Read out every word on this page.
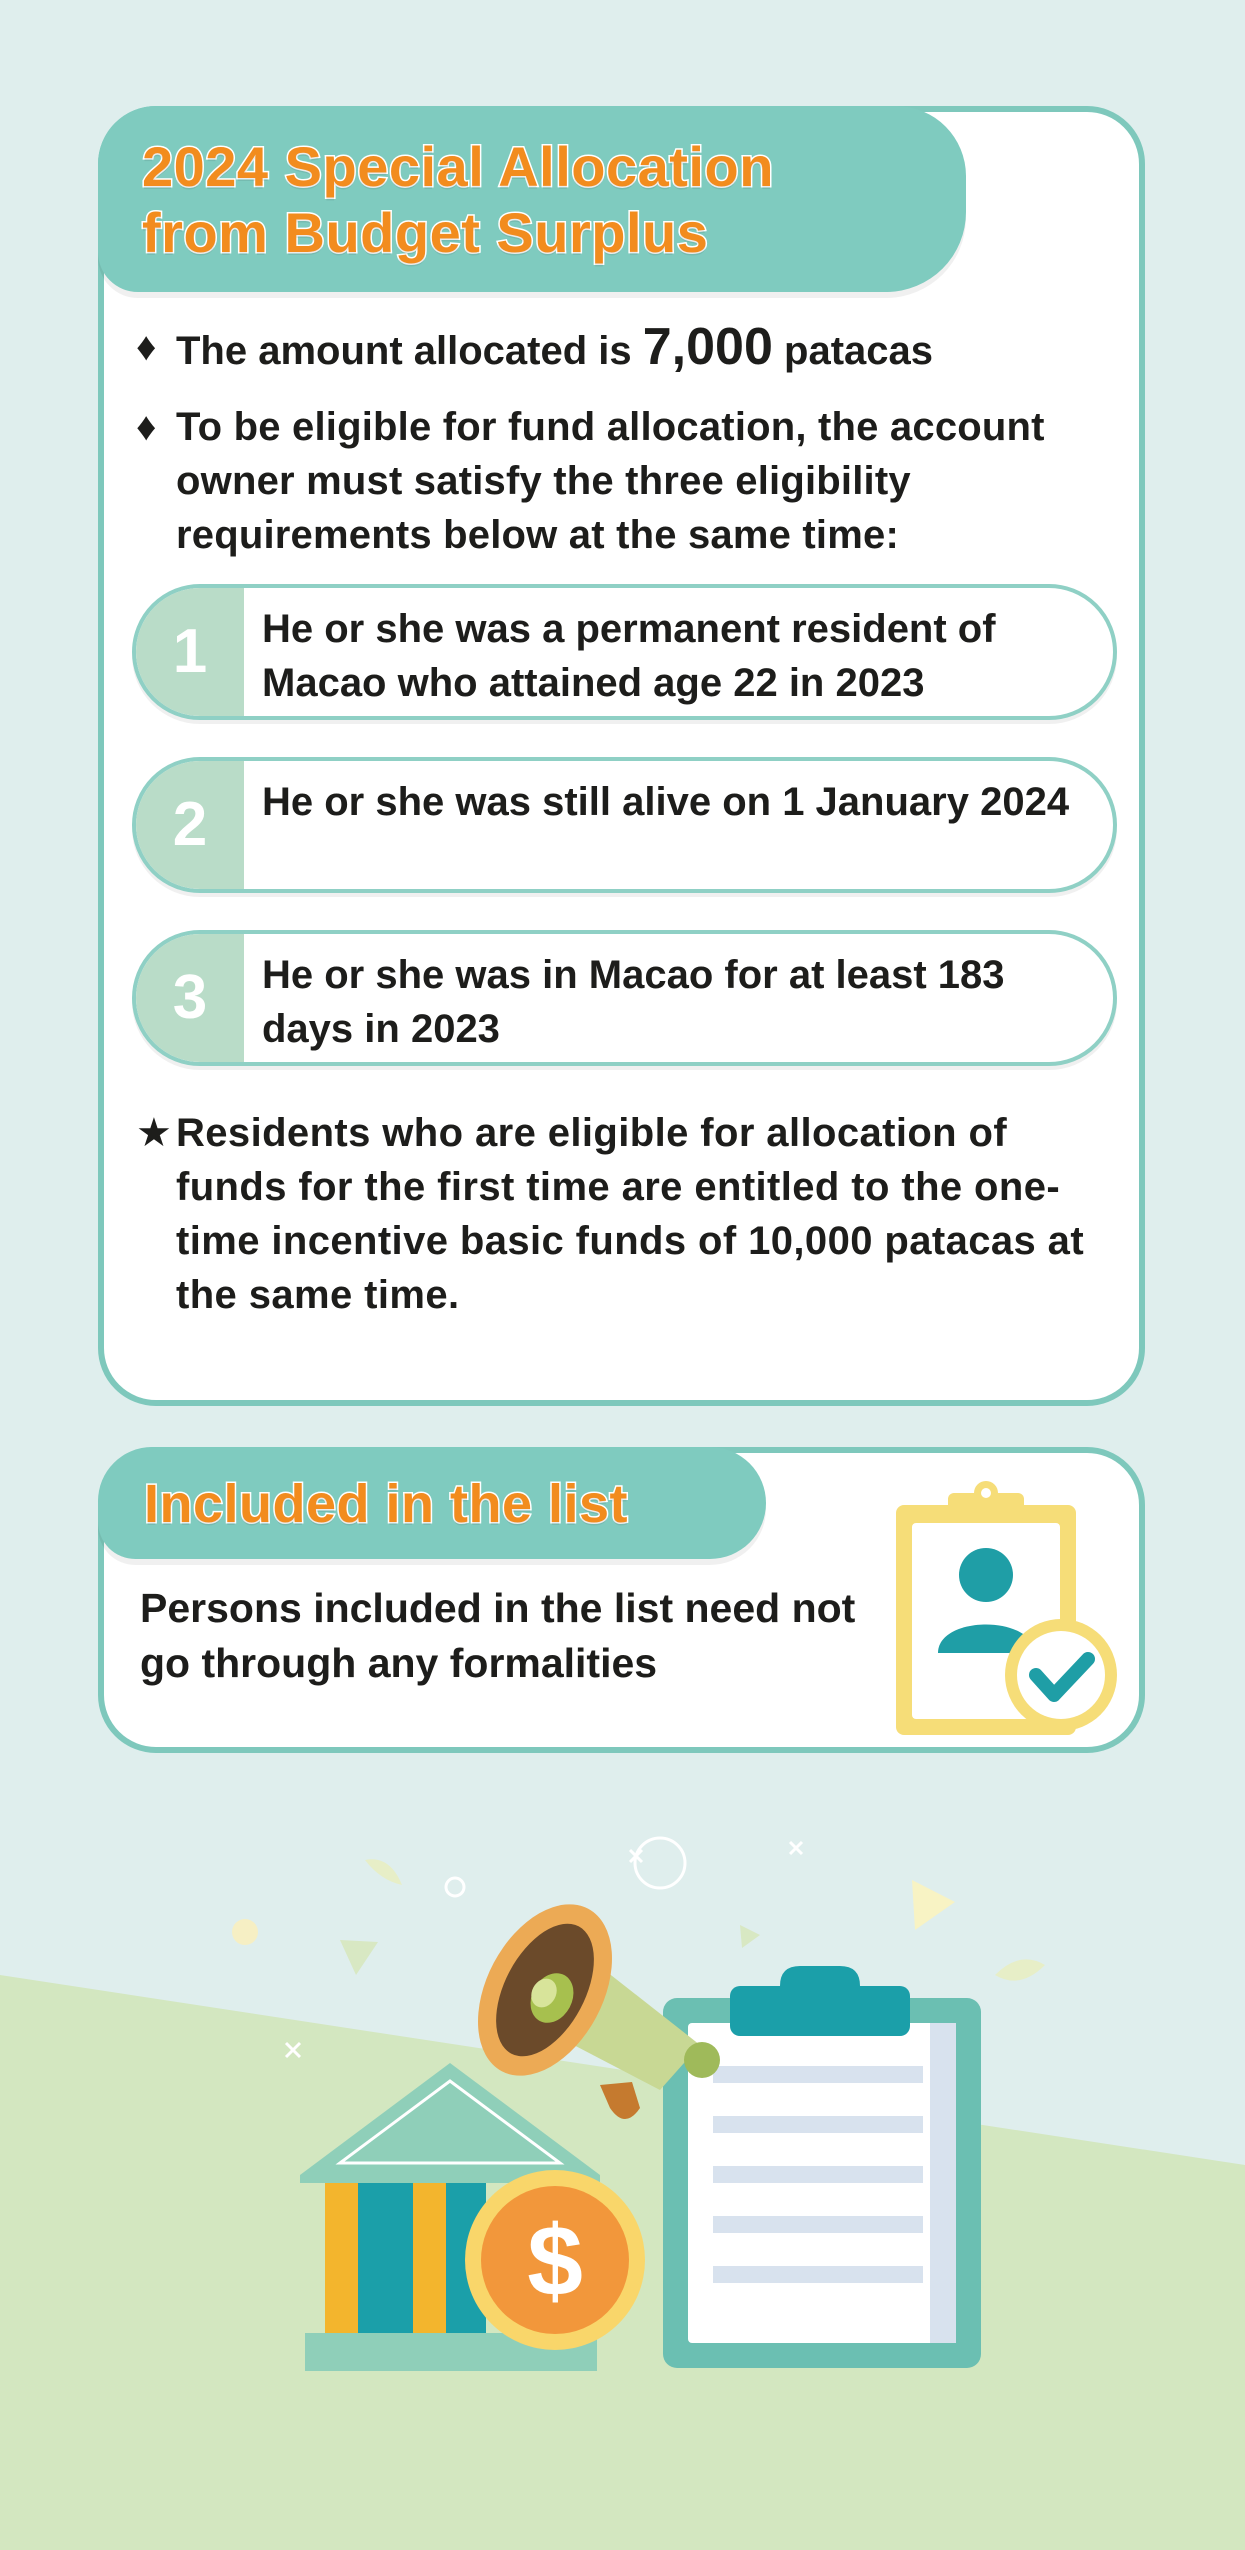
2024 Special Allocation
from Budget Surplus
♦ The amount allocated is 7,000 patacas
♦ To be eligible for fund allocation, the account owner must satisfy the three eligibility requirements below at the same time:
1	He or she was a permanent resident of Macao who attained age 22 in 2023
2	He or she was still alive on 1 January 2024
3	He or she was in Macao for at least 183 days in 2023
★ Residents who are eligible for allocation of funds for the first time are entitled to the one-time incentive basic funds of 10,000 patacas at the same time.
Included in the list
Persons included in the list need not go through any formalities
$
